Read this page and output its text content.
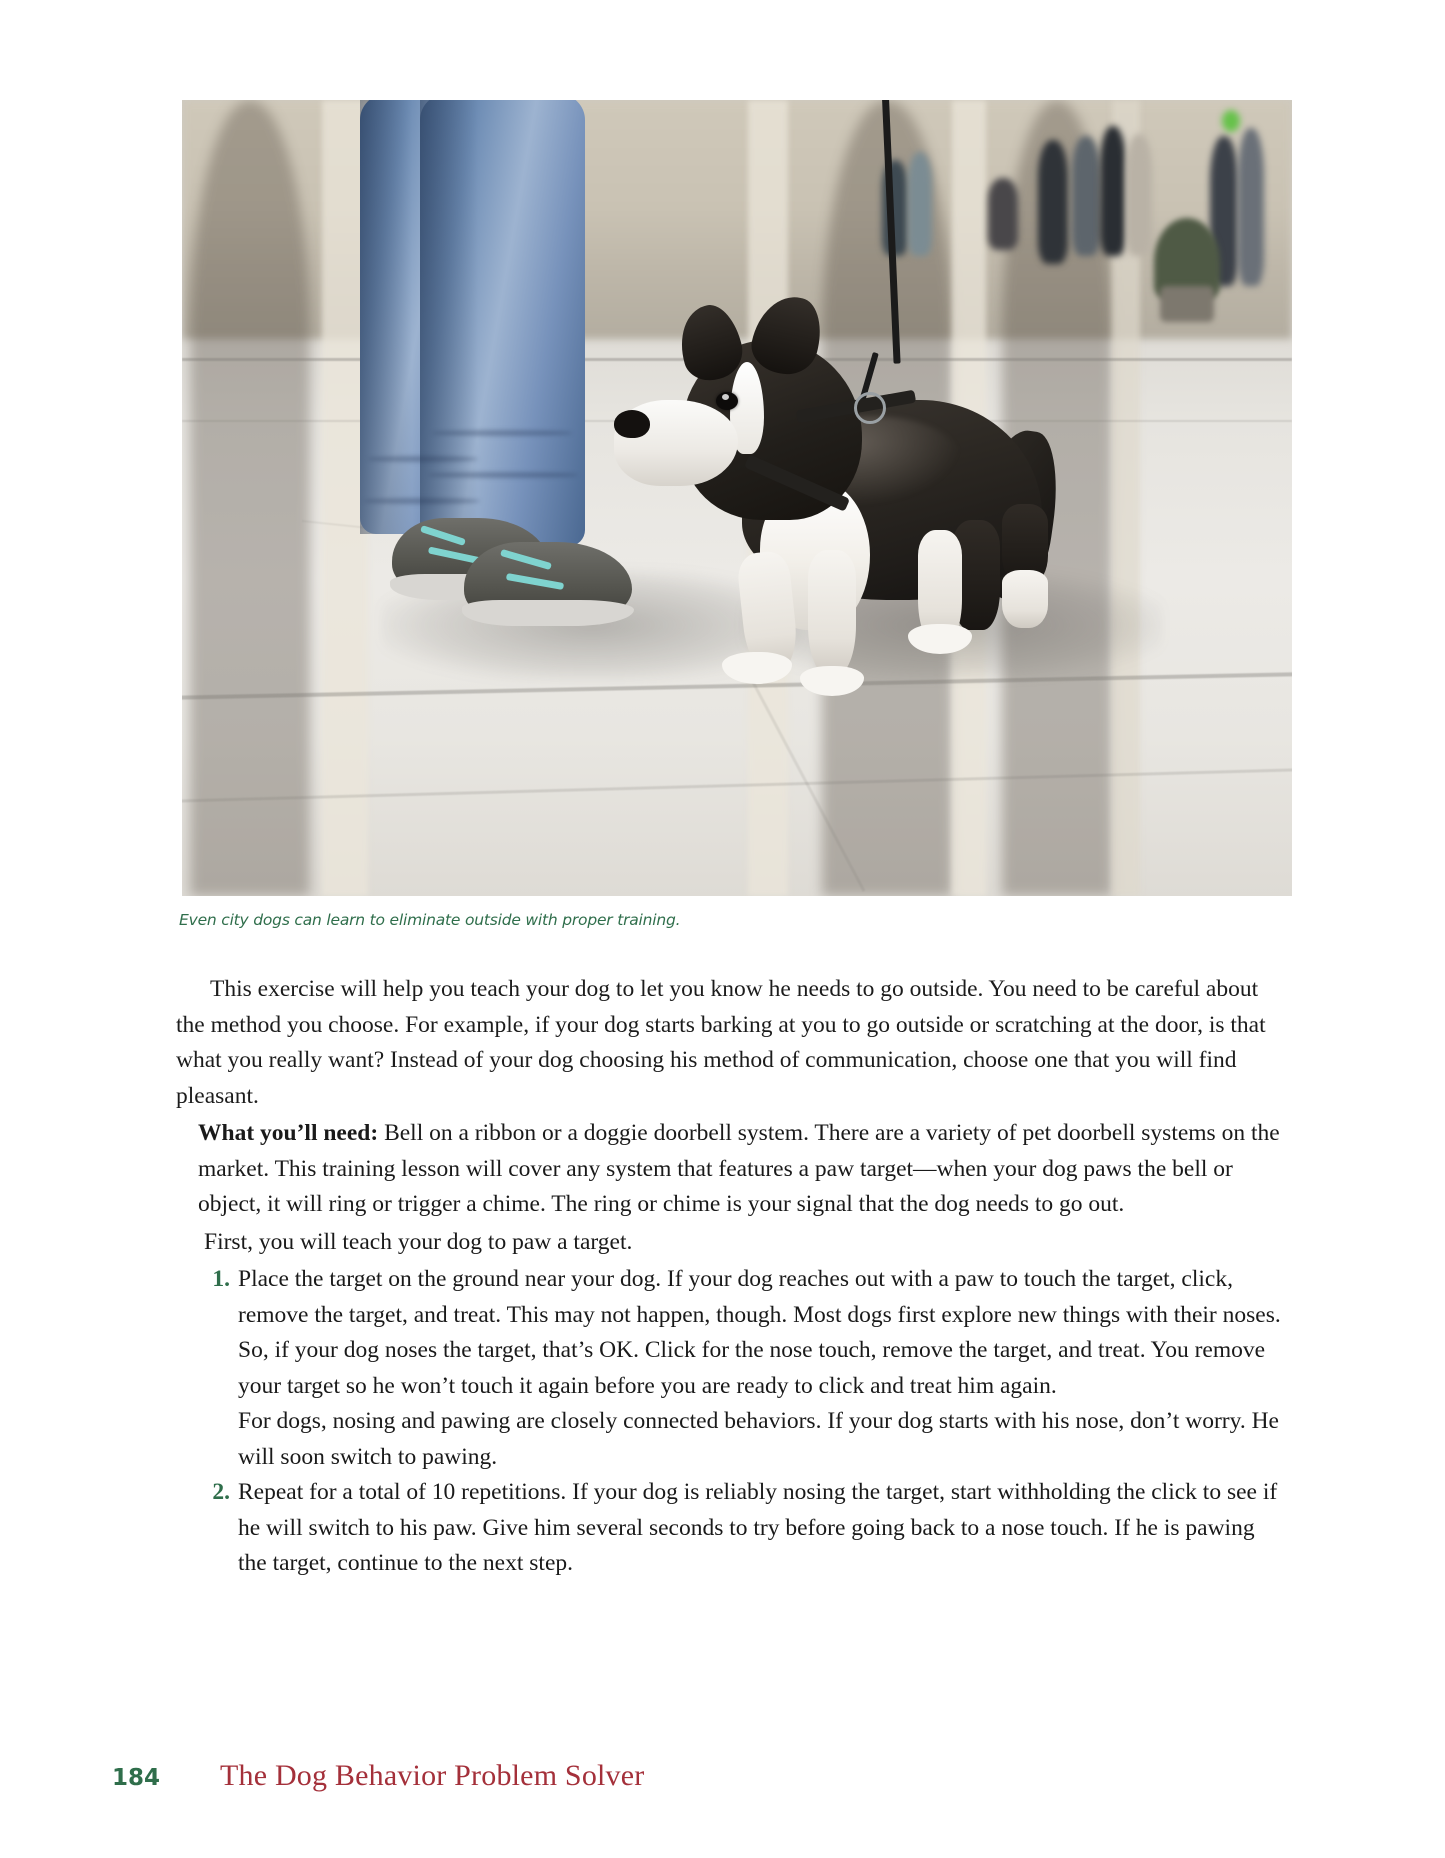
Even city dogs can learn to eliminate outside with proper training.

This exercise will help you teach your dog to let you know he needs to go outside. You need to be careful about the method you choose. For example, if your dog starts barking at you to go outside or scratching at the door, is that what you really want? Instead of your dog choosing his method of communication, choose one that you will find pleasant.

What you’ll need: Bell on a ribbon or a doggie doorbell system. There are a variety of pet doorbell systems on the market. This training lesson will cover any system that features a paw target—when your dog paws the bell or object, it will ring or trigger a chime. The ring or chime is your signal that the dog needs to go out.

First, you will teach your dog to paw a target.
1. Place the target on the ground near your dog. If your dog reaches out with a paw to touch the target, click, remove the target, and treat. This may not happen, though. Most dogs first explore new things with their noses. So, if your dog noses the target, that’s OK. Click for the nose touch, remove the target, and treat. You remove your target so he won’t touch it again before you are ready to click and treat him again.

For dogs, nosing and pawing are closely connected behaviors. If your dog starts with his nose, don’t worry. He will soon switch to pawing.

2. Repeat for a total of 10 repetitions. If your dog is reliably nosing the target, start withholding the click to see if he will switch to his paw. Give him several seconds to try before going back to a nose touch. If he is pawing the target, continue to the next step.

184 The Dog Behavior Problem Solver
